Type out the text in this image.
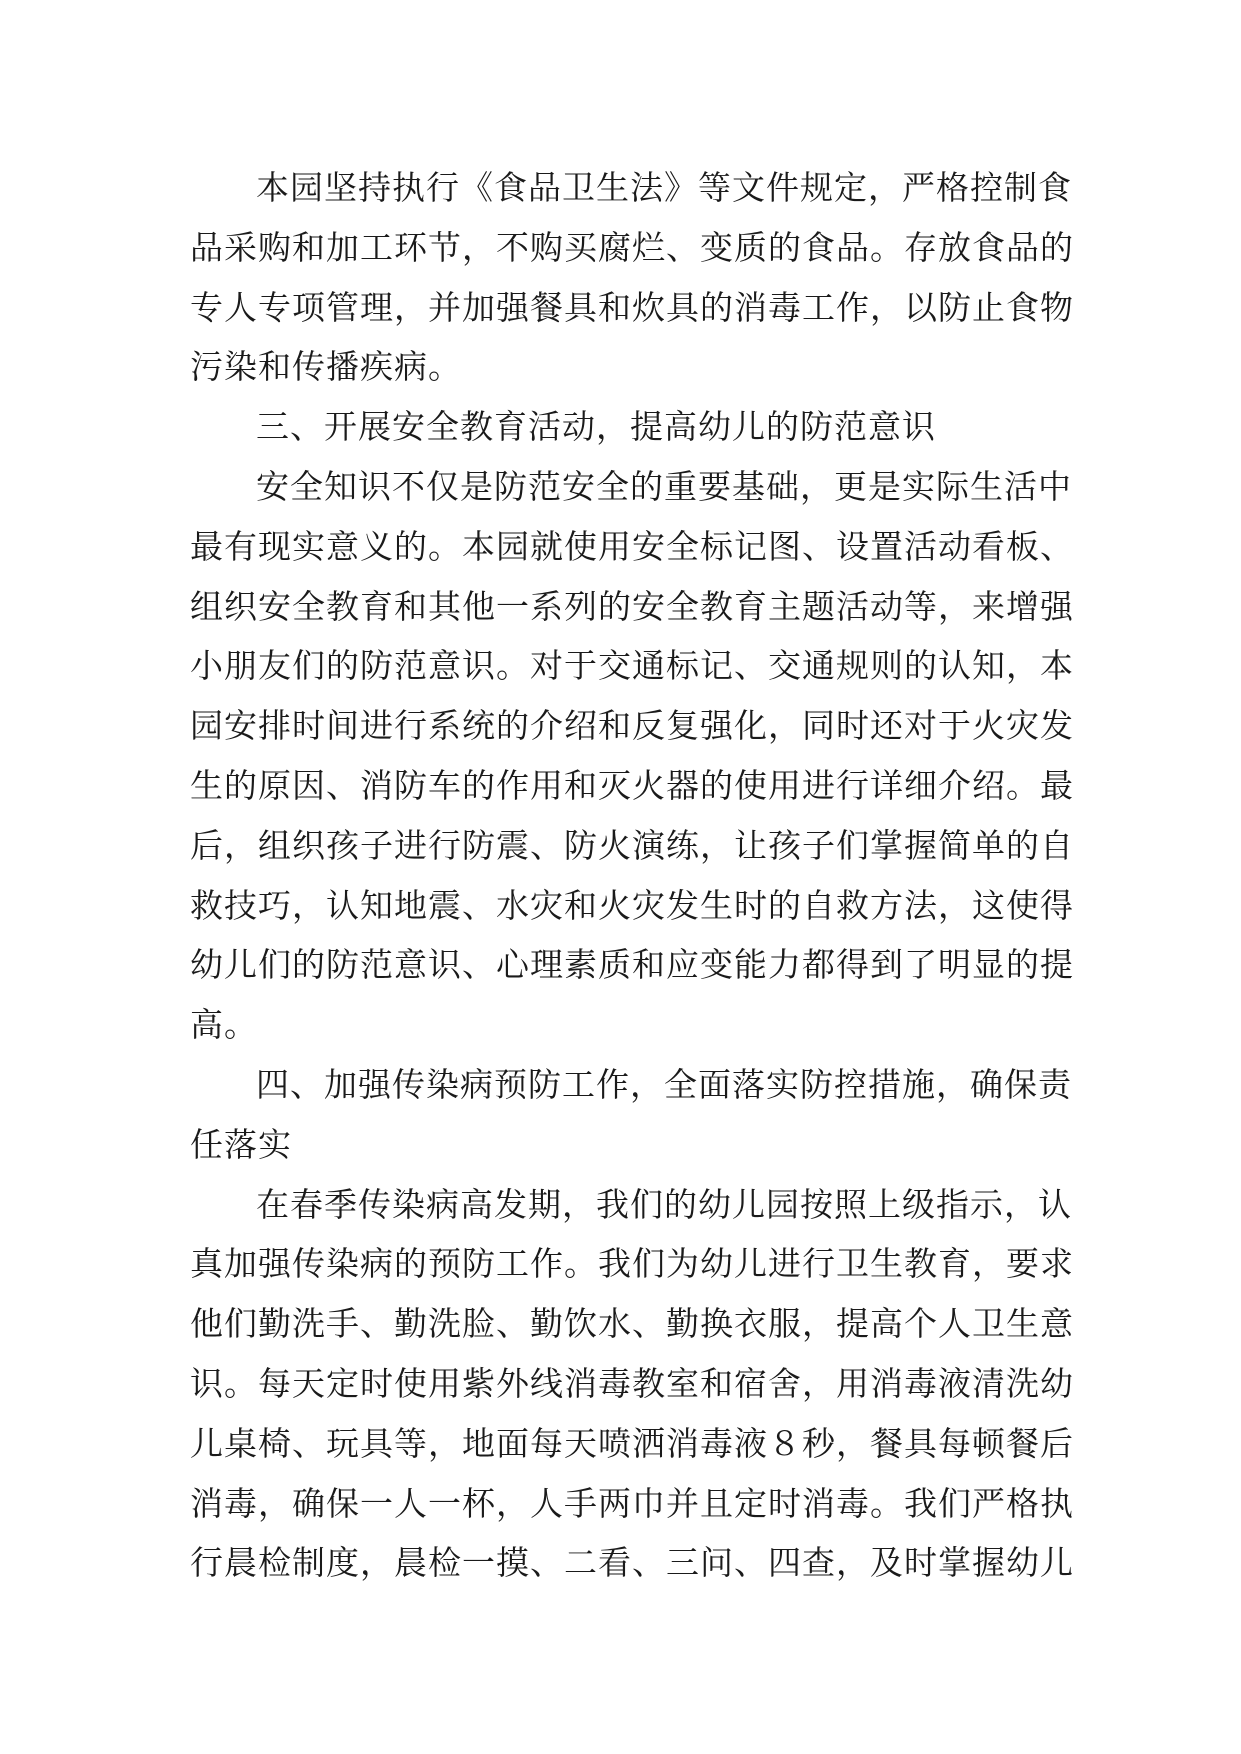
本园坚持执行《食品卫生法》等文件规定，严格控制食
品采购和加工环节，不购买腐烂、变质的食品。存放食品的
专人专项管理，并加强餐具和炊具的消毒工作，以防止食物
污染和传播疾病。

三、开展安全教育活动，提高幼儿的防范意识

安全知识不仅是防范安全的重要基础，更是实际生活中
最有现实意义的。本园就使用安全标记图、设置活动看板、
组织安全教育和其他一系列的安全教育主题活动等，来增强
小朋友们的防范意识。对于交通标记、交通规则的认知，本
园安排时间进行系统的介绍和反复强化，同时还对于火灾发
生的原因、消防车的作用和灭火器的使用进行详细介绍。最
后，组织孩子进行防震、防火演练，让孩子们掌握简单的自
救技巧，认知地震、水灾和火灾发生时的自救方法，这使得
幼儿们的防范意识、心理素质和应变能力都得到了明显的提
高。

四、加强传染病预防工作，全面落实防控措施，确保责
任落实

在春季传染病高发期，我们的幼儿园按照上级指示，认
真加强传染病的预防工作。我们为幼儿进行卫生教育，要求
他们勤洗手、勤洗脸、勤饮水、勤换衣服，提高个人卫生意
识。每天定时使用紫外线消毒教室和宿舍，用消毒液清洗幼
儿桌椅、玩具等，地面每天喷洒消毒液８秒，餐具每顿餐后
消毒，确保一人一杯，人手两巾并且定时消毒。我们严格执
行晨检制度，晨检一摸、二看、三问、四查，及时掌握幼儿
